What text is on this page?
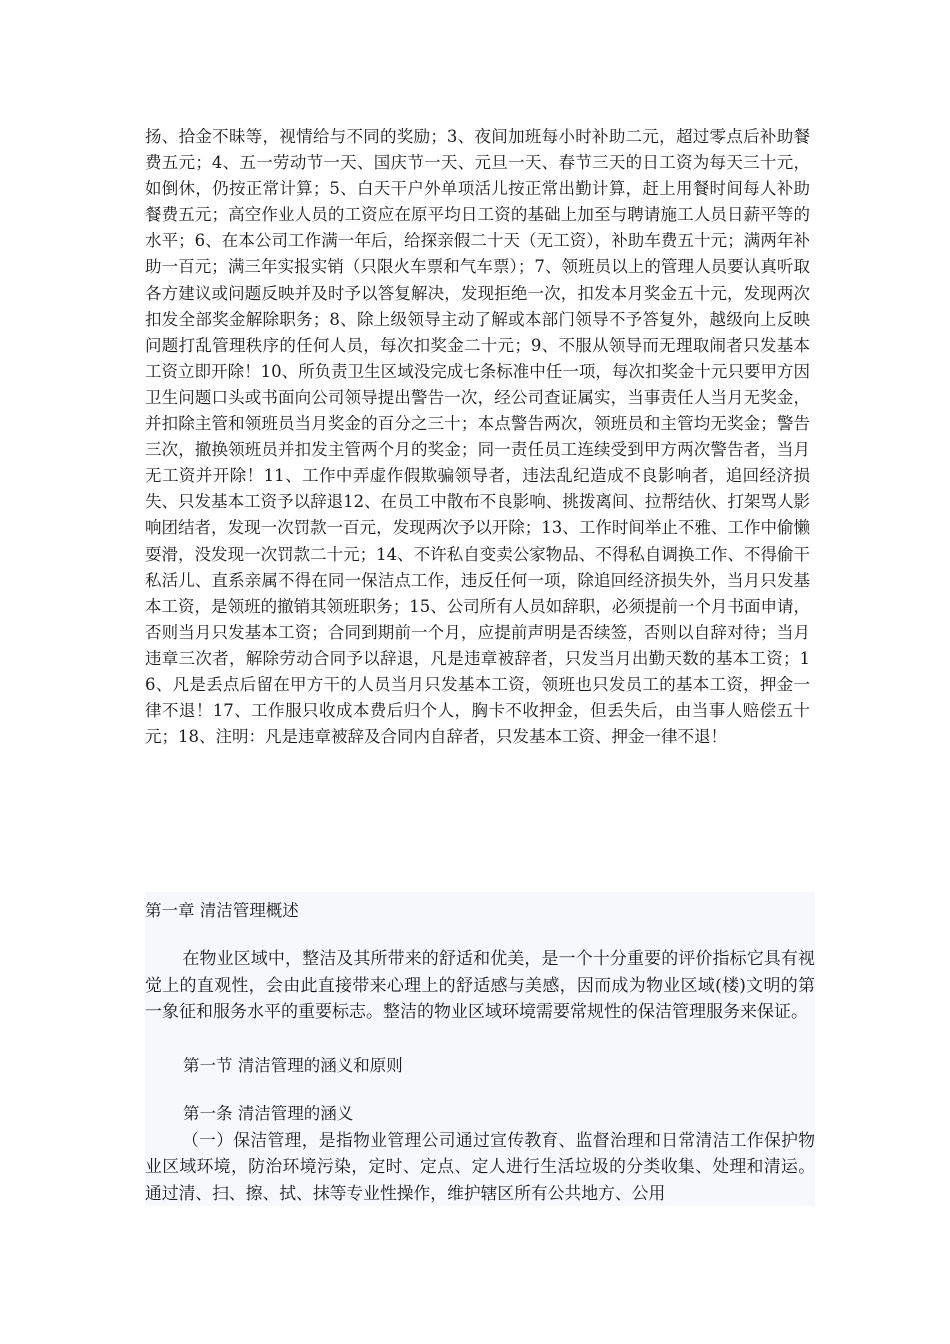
扬、拾金不昧等，视情给与不同的奖励；3、夜间加班每小时补助二元，超过零点后补助餐费五元；4、五一劳动节一天、国庆节一天、元旦一天、春节三天的日工资为每天三十元，如倒休，仍按正常计算；5、白天干户外单项活儿按正常出勤计算，赶上用餐时间每人补助餐费五元；高空作业人员的工资应在原平均日工资的基础上加至与聘请施工人员日薪平等的水平；6、在本公司工作满一年后，给探亲假二十天（无工资），补助车费五十元；满两年补助一百元；满三年实报实销（只限火车票和气车票）；7、领班员以上的管理人员要认真听取各方建议或问题反映并及时予以答复解决，发现拒绝一次，扣发本月奖金五十元，发现两次扣发全部奖金解除职务；8、除上级领导主动了解或本部门领导不予答复外，越级向上反映问题打乱管理秩序的任何人员，每次扣奖金二十元；9、不服从领导而无理取闹者只发基本工资立即开除！10、所负责卫生区域没完成七条标准中任一项，每次扣奖金十元只要甲方因卫生问题口头或书面向公司领导提出警告一次，经公司查证属实，当事责任人当月无奖金，并扣除主管和领班员当月奖金的百分之三十；本点警告两次，领班员和主管均无奖金；警告三次，撤换领班员并扣发主管两个月的奖金；同一责任员工连续受到甲方两次警告者，当月无工资并开除！11、工作中弄虚作假欺骗领导者，违法乱纪造成不良影响者，追回经济损失、只发基本工资予以辞退12、在员工中散布不良影响、挑拨离间、拉帮结伙、打架骂人影响团结者，发现一次罚款一百元，发现两次予以开除；13、工作时间举止不雅、工作中偷懒耍滑，没发现一次罚款二十元；14、不许私自变卖公家物品、不得私自调换工作、不得偷干私活儿、直系亲属不得在同一保洁点工作，违反任何一项，除追回经济损失外，当月只发基本工资，是领班的撤销其领班职务；15、公司所有人员如辞职，必须提前一个月书面申请，否则当月只发基本工资；合同到期前一个月，应提前声明是否续签，否则以自辞对待；当月违章三次者，解除劳动合同予以辞退，凡是违章被辞者，只发当月出勤天数的基本工资；16、凡是丢点后留在甲方干的人员当月只发基本工资，领班也只发员工的基本工资，押金一律不退！17、工作服只收成本费后归个人，胸卡不收押金，但丢失后，由当事人赔偿五十元；18、注明：凡是违章被辞及合同内自辞者，只发基本工资、押金一律不退！

第一章 清洁管理概述

在物业区域中，整洁及其所带来的舒适和优美，是一个十分重要的评价指标它具有视觉上的直观性，会由此直接带来心理上的舒适感与美感，因而成为物业区域(楼)文明的第一象征和服务水平的重要标志。整洁的物业区域环境需要常规性的保洁管理服务来保证。

第一节 清洁管理的涵义和原则

第一条 清洁管理的涵义

（一）保洁管理，是指物业管理公司通过宣传教育、监督治理和日常清洁工作保护物业区域环境，防治环境污染，定时、定点、定人进行生活垃圾的分类收集、处理和清运。通过清、扫、擦、拭、抹等专业性操作，维护辖区所有公共地方、公用
